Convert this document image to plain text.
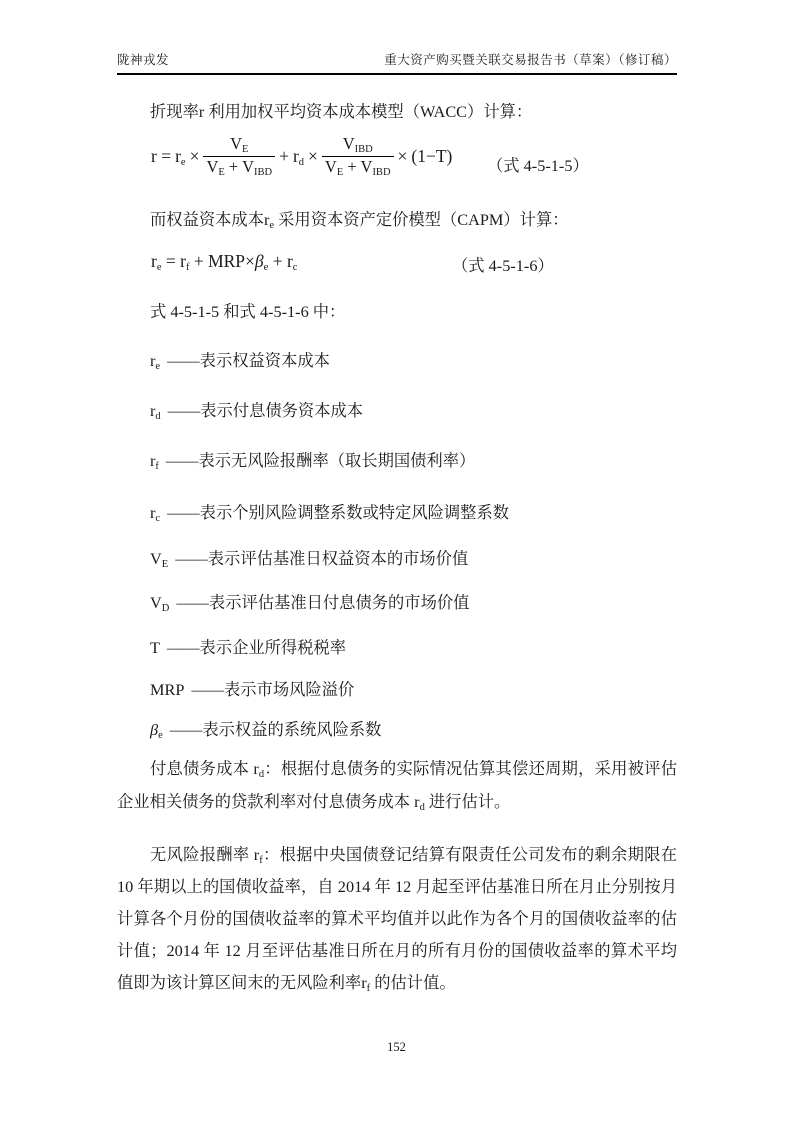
陇神戎发	重大资产购买暨关联交易报告书（草案）（修订稿）
折现率r 利用加权平均资本成本模型（WACC）计算：
r = re × $\frac{VE}{\text{VE + VIBD}}$ + rd × $\frac{\text{VIBD}}{\text{VE + VIBD}} \times (1-T)$ （式 4-5-1-5）
而权益资本成本re 采用资本资产定价模型（CAPM）计算：
re = rf + MRP×βe + rc	（式 4-5-1-6）
式 4-5-1-5 和式 4-5-1-6 中：
re ——表示权益资本成本
rd ——表示付息债务资本成本
rf ——表示无风险报酬率（取长期国债利率）
rc ——表示个别风险调整系数或特定风险调整系数
VE ——表示评估基准日权益资本的市场价值
VD ——表示评估基准日付息债务的市场价值
T ——表示企业所得税税率
MRP ——表示市场风险溢价
βe ——表示权益的系统风险系数
付息债务成本 rd：根据付息债务的实际情况估算其偿还周期，采用被评估
企业相关债务的贷款利率对付息债务成本 rd 进行估计。
无风险报酬率 rf：根据中央国债登记结算有限责任公司发布的剩余期限在
10 年期以上的国债收益率，自 2014 年 12 月起至评估基准日所在月止分别按月
计算各个月份的国债收益率的算术平均值并以此作为各个月的国债收益率的估
计值；2014 年 12 月至评估基准日所在月的所有月份的国债收益率的算术平均
值即为该计算区间末的无风险利率rf 的估计值。
152
